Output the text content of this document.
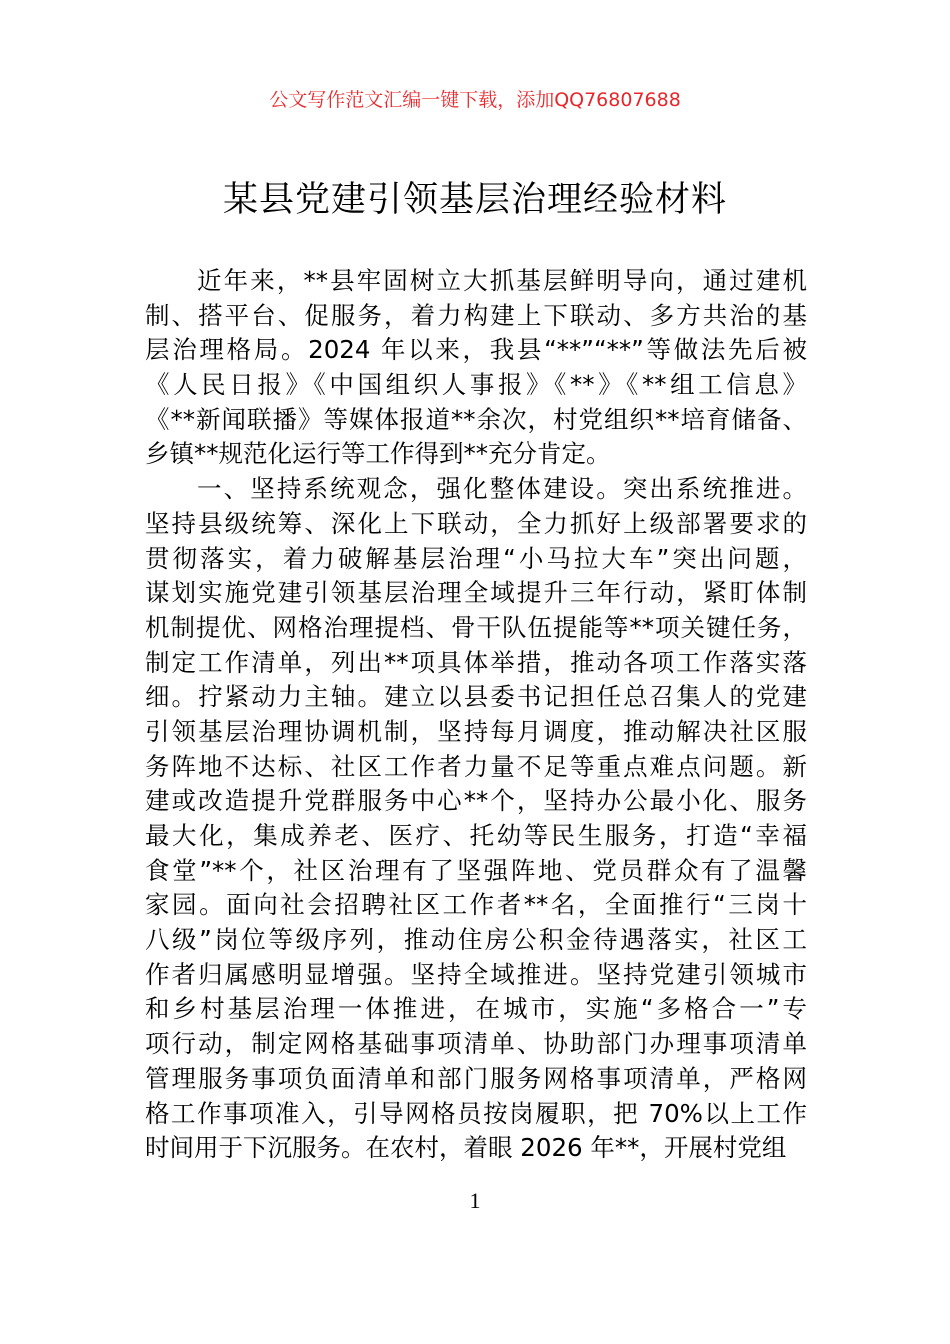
公文写作范文汇编一键下载，添加QQ76807688
某县党建引领基层治理经验材料
近年来，**县牢固树立大抓基层鲜明导向，通过建机
制、搭平台、促服务，着力构建上下联动、多方共治的基
层治理格局。2024 年以来，我县“**”“**”等做法先后被
《人民日报》《中国组织人事报》《**》《**组工信息》
《**新闻联播》等媒体报道**余次，村党组织**培育储备、
乡镇**规范化运行等工作得到**充分肯定。
一、坚持系统观念，强化整体建设。突出系统推进。
坚持县级统筹、深化上下联动，全力抓好上级部署要求的
贯彻落实，着力破解基层治理“小马拉大车”突出问题，
谋划实施党建引领基层治理全域提升三年行动，紧盯体制
机制提优、网格治理提档、骨干队伍提能等**项关键任务，
制定工作清单，列出**项具体举措，推动各项工作落实落
细。拧紧动力主轴。建立以县委书记担任总召集人的党建
引领基层治理协调机制，坚持每月调度，推动解决社区服
务阵地不达标、社区工作者力量不足等重点难点问题。新
建或改造提升党群服务中心**个，坚持办公最小化、服务
最大化，集成养老、医疗、托幼等民生服务，打造“幸福
食堂”**个，社区治理有了坚强阵地、党员群众有了温馨
家园。面向社会招聘社区工作者**名，全面推行“三岗十
八级”岗位等级序列，推动住房公积金待遇落实，社区工
作者归属感明显增强。坚持全域推进。坚持党建引领城市
和乡村基层治理一体推进，在城市，实施“多格合一”专
项行动，制定网格基础事项清单、协助部门办理事项清单
管理服务事项负面清单和部门服务网格事项清单，严格网
格工作事项准入，引导网格员按岗履职，把 70%以上工作
时间用于下沉服务。在农村，着眼 2026 年**，开展村党组
1
